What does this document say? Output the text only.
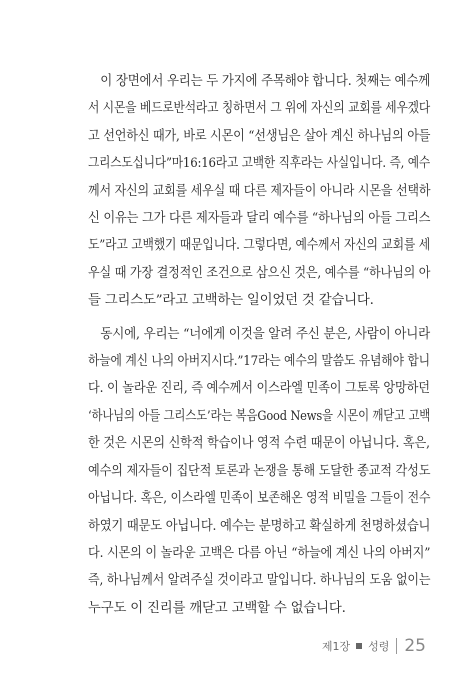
　이 장면에서 우리는 두 가지에 주목해야 합니다. 첫째는 예수께
서 시몬을 베드로반석라고 칭하면서 그 위에 자신의 교회를 세우겠다
고 선언하신 때가, 바로 시몬이 “선생님은 살아 계신 하나님의 아들
그리스도십니다”마16:16라고 고백한 직후라는 사실입니다. 즉, 예수
께서 자신의 교회를 세우실 때 다른 제자들이 아니라 시몬을 선택하
신 이유는 그가 다른 제자들과 달리 예수를 “하나님의 아들 그리스
도”라고 고백했기 때문입니다. 그렇다면, 예수께서 자신의 교회를 세
우실 때 가장 결정적인 조건으로 삼으신 것은, 예수를 “하나님의 아
들 그리스도”라고 고백하는 일이었던 것 같습니다.

　동시에, 우리는 “너에게 이것을 알려 주신 분은, 사람이 아니라
하늘에 계신 나의 아버지시다.”17라는 예수의 말씀도 유념해야 합니
다. 이 놀라운 진리, 즉 예수께서 이스라엘 민족이 그토록 앙망하던
‘하나님의 아들 그리스도’라는 복음Good News을 시몬이 깨닫고 고백
한 것은 시몬의 신학적 학습이나 영적 수련 때문이 아닙니다. 혹은,
예수의 제자들이 집단적 토론과 논쟁을 통해 도달한 종교적 각성도
아닙니다. 혹은, 이스라엘 민족이 보존해온 영적 비밀을 그들이 전수
하였기 때문도 아닙니다. 예수는 분명하고 확실하게 천명하셨습니
다. 시몬의 이 놀라운 고백은 다름 아닌 “하늘에 계신 나의 아버지”
즉, 하나님께서 알려주실 것이라고 말입니다. 하나님의 도움 없이는
누구도 이 진리를 깨닫고 고백할 수 없습니다.

제1장 성령 25
